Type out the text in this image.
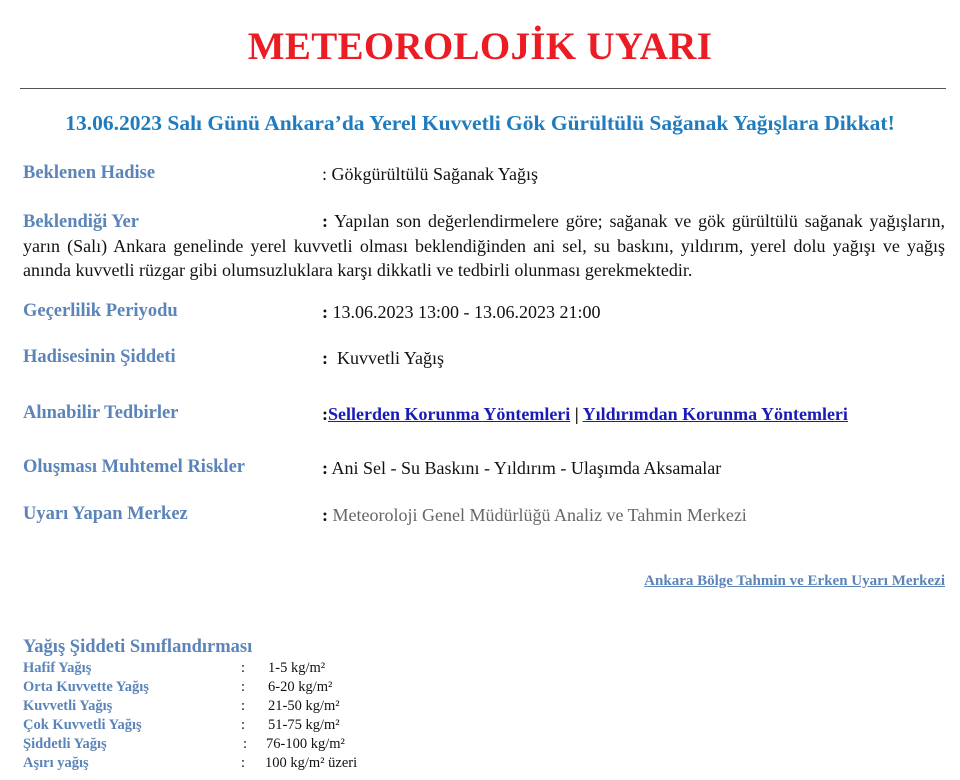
METEOROLOJİK UYARI
13.06.2023 Salı Günü Ankara’da Yerel Kuvvetli Gök Gürültülü Sağanak Yağışlara Dikkat!
Beklenen Hadise	: Gökgürültülü Sağanak Yağış
Beklendiği Yer	: Yapılan son değerlendirmelere göre; sağanak ve gök gürültülü sağanak yağışların, yarın (Salı) Ankara genelinde yerel kuvvetli olması beklendiğinden ani sel, su baskını, yıldırım, yerel dolu yağışı ve yağış anında kuvvetli rüzgar gibi olumsuzluklara karşı dikkatli ve tedbirli olunması gerekmektedir.
Geçerlilik Periyodu	: 13.06.2023 13:00 - 13.06.2023 21:00
Hadisesinin Şiddeti	:  Kuvvetli Yağış
Alınabilir Tedbirler	:Sellerden Korunma Yöntemleri | Yıldırımdan Korunma Yöntemleri
Oluşması Muhtemel Riskler	: Ani Sel - Su Baskını - Yıldırım - Ulaşımda Aksamalar
Uyarı Yapan Merkez	: Meteoroloji Genel Müdürlüğü Analiz ve Tahmin Merkezi
Ankara Bölge Tahmin ve Erken Uyarı Merkezi
Yağış Şiddeti Sınıflandırması
Hafif Yağış	: 1-5 kg/m²
Orta Kuvvette Yağış	: 6-20 kg/m²
Kuvvetli Yağış	: 21-50 kg/m²
Çok Kuvvetli Yağış	: 51-75 kg/m²
Şiddetli Yağış	: 76-100 kg/m²
Aşırı yağış	: 100 kg/m² üzeri
